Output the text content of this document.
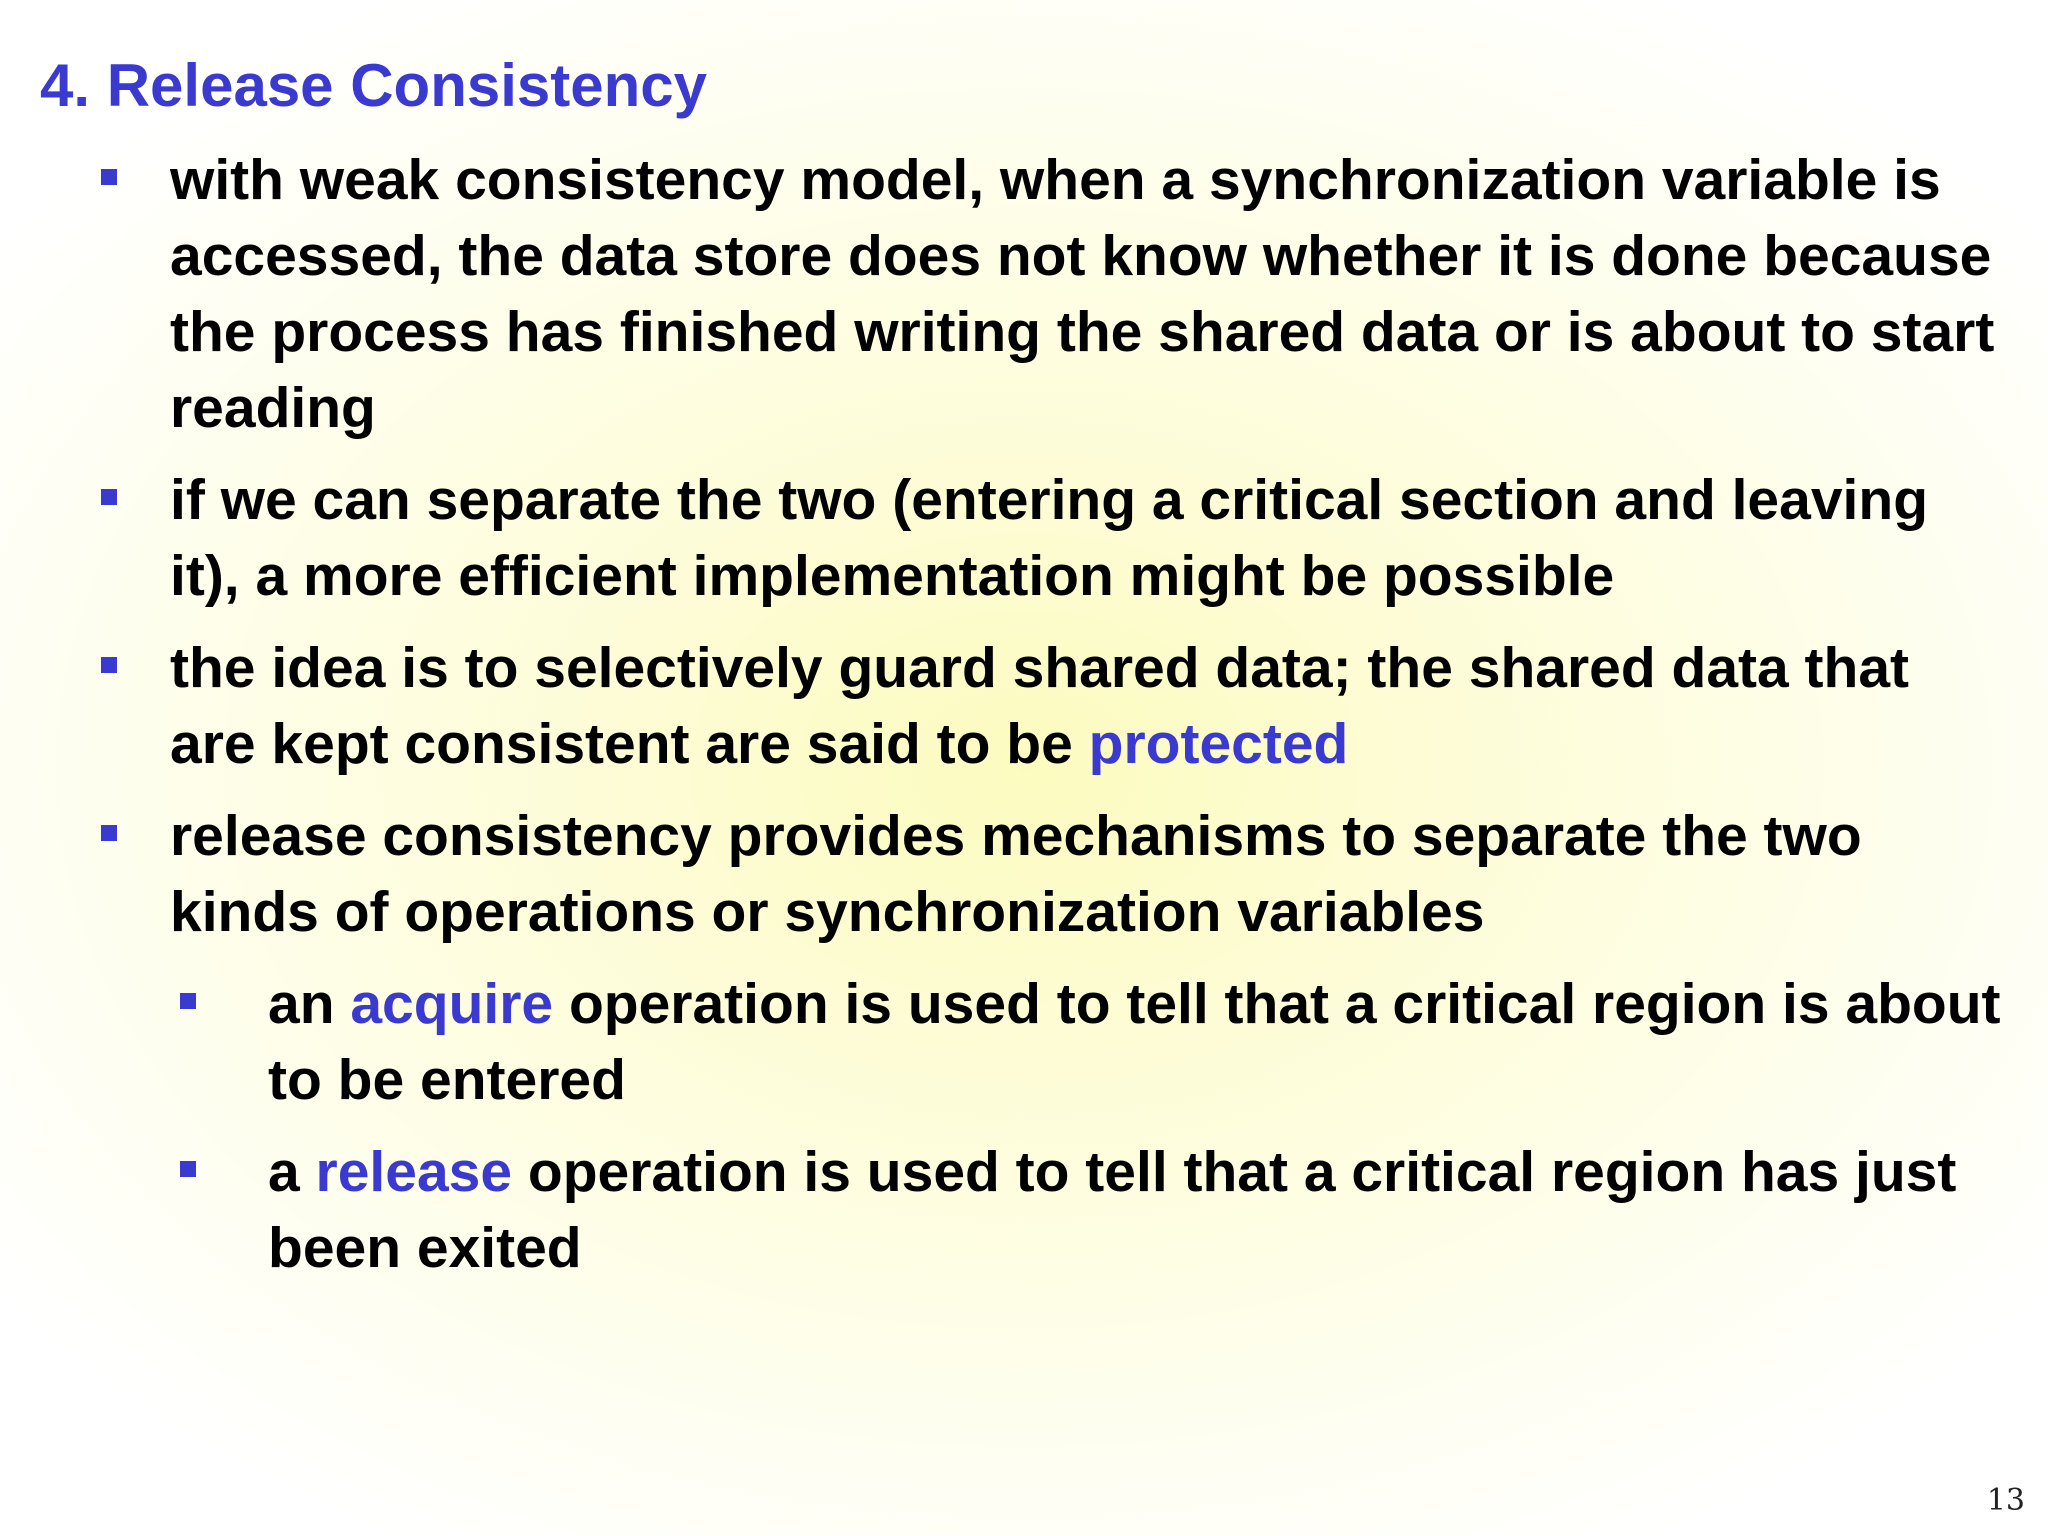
4. Release Consistency
with weak consistency model, when a synchronization variable is accessed, the data store does not know whether it is done because the process has finished writing the shared data or is about to start reading
if we can separate the two (entering a critical section and leaving it), a more efficient implementation might be possible
the idea is to selectively guard shared data; the shared data that are kept consistent are said to be protected
release consistency provides mechanisms to separate the two kinds of operations or synchronization variables
an acquire operation is used to tell that a critical region is about to be entered
a release operation is used to tell that a critical region has just been exited
13
